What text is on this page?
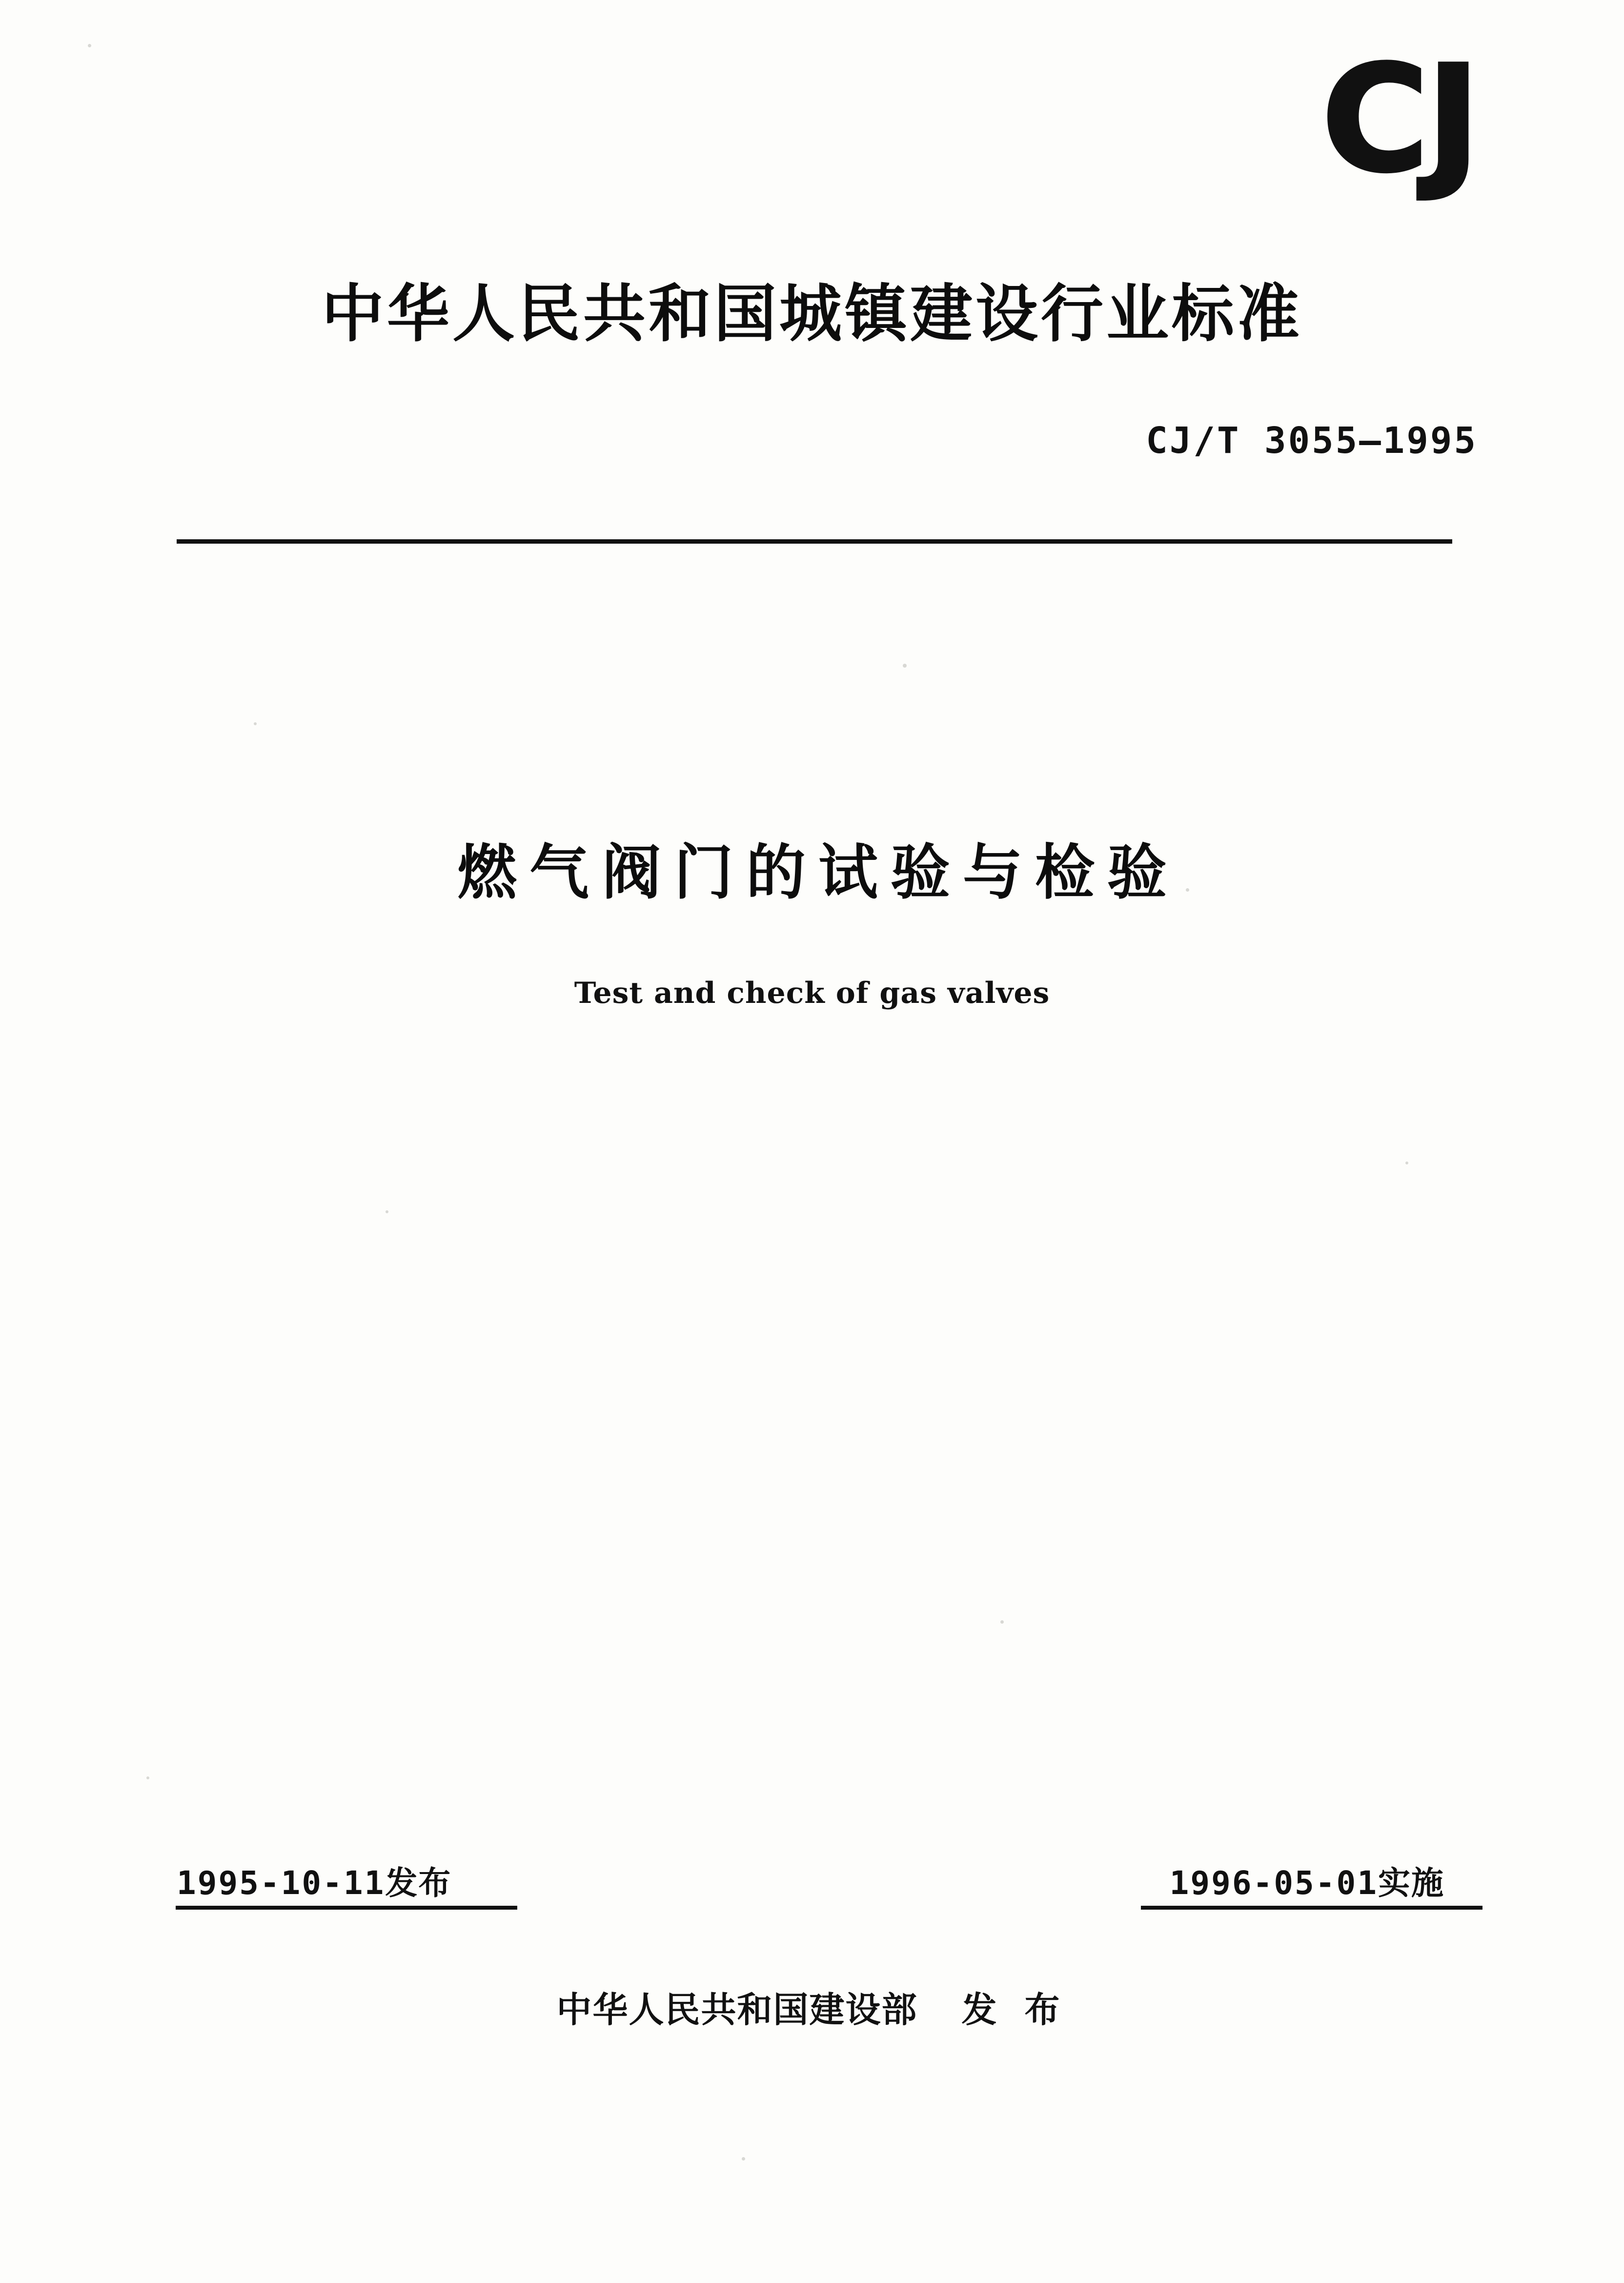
CJ
中华人民共和国城镇建设行业标准
CJ/T 3055—1995
燃气阀门的试验与检验
Test and check of gas valves
1995-10-11发布	1996-05-01实施
中华人民共和国建设部 发 布
